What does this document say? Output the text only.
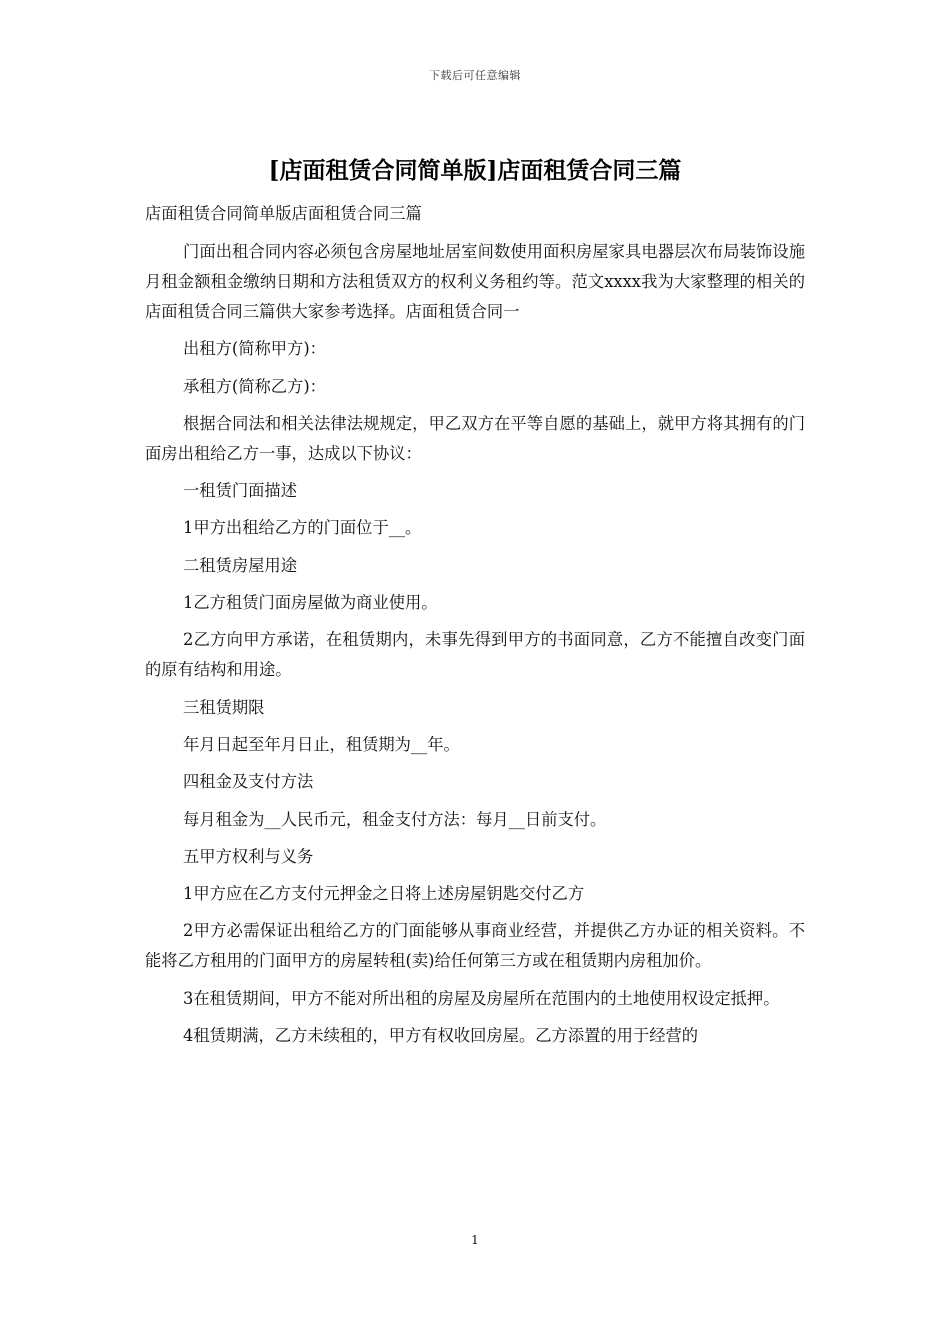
下载后可任意编辑
[店面租赁合同简单版]店面租赁合同三篇

店面租赁合同简单版店面租赁合同三篇

门面出租合同内容必须包含房屋地址居室间数使用面积房屋家具电器层次布局装饰设施月租金额租金缴纳日期和方法租赁双方的权利义务租约等。范文xxxx我为大家整理的相关的店面租赁合同三篇供大家参考选择。店面租赁合同一

出租方(简称甲方)：

承租方(简称乙方)：

根据合同法和相关法律法规规定，甲乙双方在平等自愿的基础上，就甲方将其拥有的门面房出租给乙方一事，达成以下协议：

一租赁门面描述

1甲方出租给乙方的门面位于__。

二租赁房屋用途

1乙方租赁门面房屋做为商业使用。

2乙方向甲方承诺，在租赁期内，未事先得到甲方的书面同意，乙方不能擅自改变门面的原有结构和用途。

三租赁期限

年月日起至年月日止，租赁期为__年。

四租金及支付方法

每月租金为__人民币元，租金支付方法：每月__日前支付。

五甲方权利与义务

1甲方应在乙方支付元押金之日将上述房屋钥匙交付乙方

2甲方必需保证出租给乙方的门面能够从事商业经营，并提供乙方办证的相关资料。不能将乙方租用的门面甲方的房屋转租(卖)给任何第三方或在租赁期内房租加价。

3在租赁期间，甲方不能对所出租的房屋及房屋所在范围内的土地使用权设定抵押。

4租赁期满，乙方未续租的，甲方有权收回房屋。乙方添置的用于经营的

1
